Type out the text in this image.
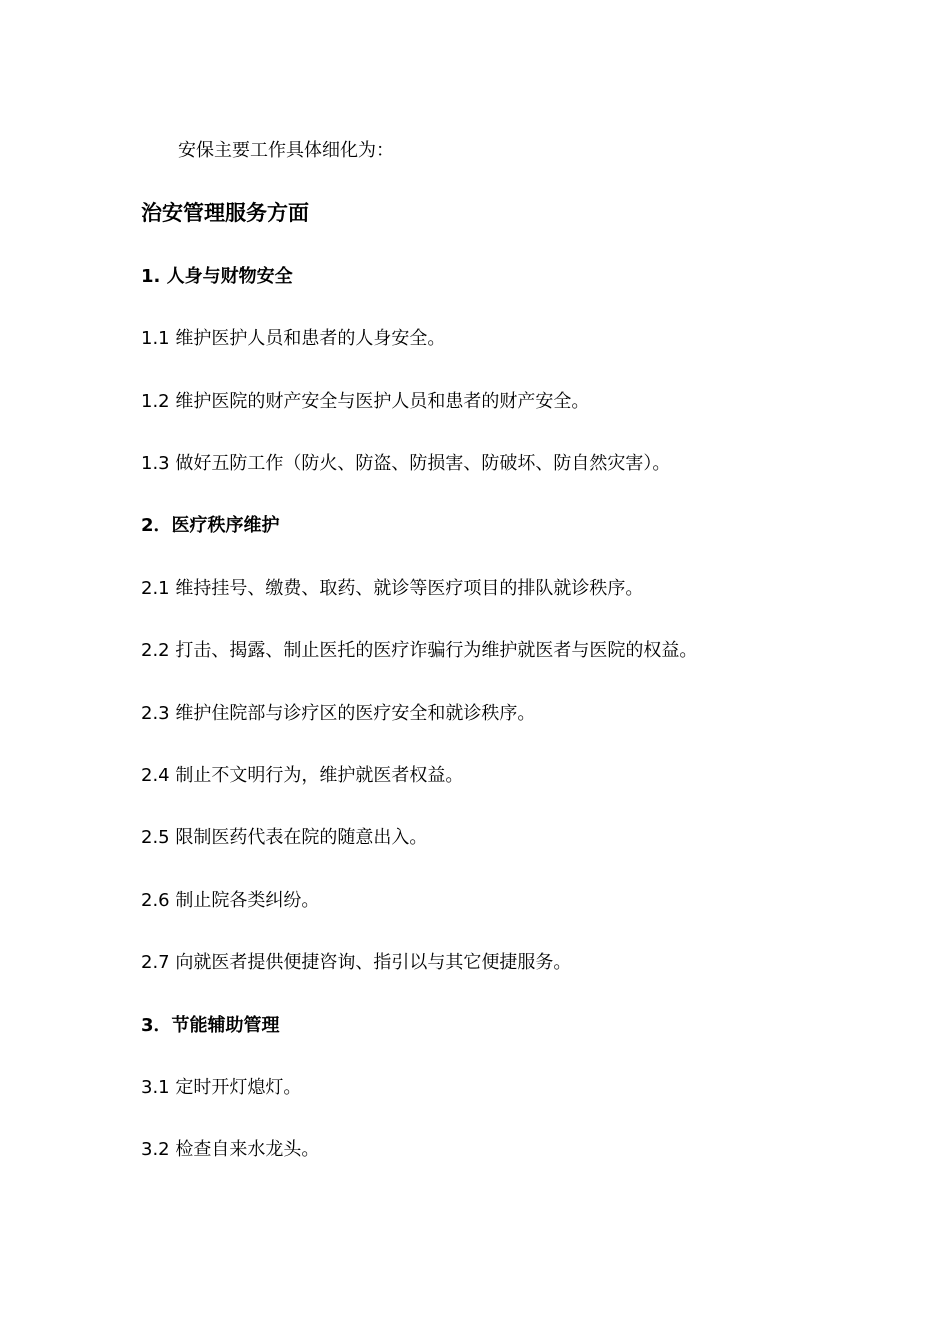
安保主要工作具体细化为：
治安管理服务方面
1. 人身与财物安全
1.1 维护医护人员和患者的人身安全。
1.2 维护医院的财产安全与医护人员和患者的财产安全。
1.3 做好五防工作（防火、防盗、防损害、防破坏、防自然灾害）。
2．医疗秩序维护
2.1 维持挂号、缴费、取药、就诊等医疗项目的排队就诊秩序。
2.2 打击、揭露、制止医托的医疗诈骗行为维护就医者与医院的权益。
2.3 维护住院部与诊疗区的医疗安全和就诊秩序。
2.4 制止不文明行为，维护就医者权益。
2.5 限制医药代表在院的随意出入。
2.6 制止院各类纠纷。
2.7 向就医者提供便捷咨询、指引以与其它便捷服务。
3．节能辅助管理
3.1 定时开灯熄灯。
3.2 检查自来水龙头。
